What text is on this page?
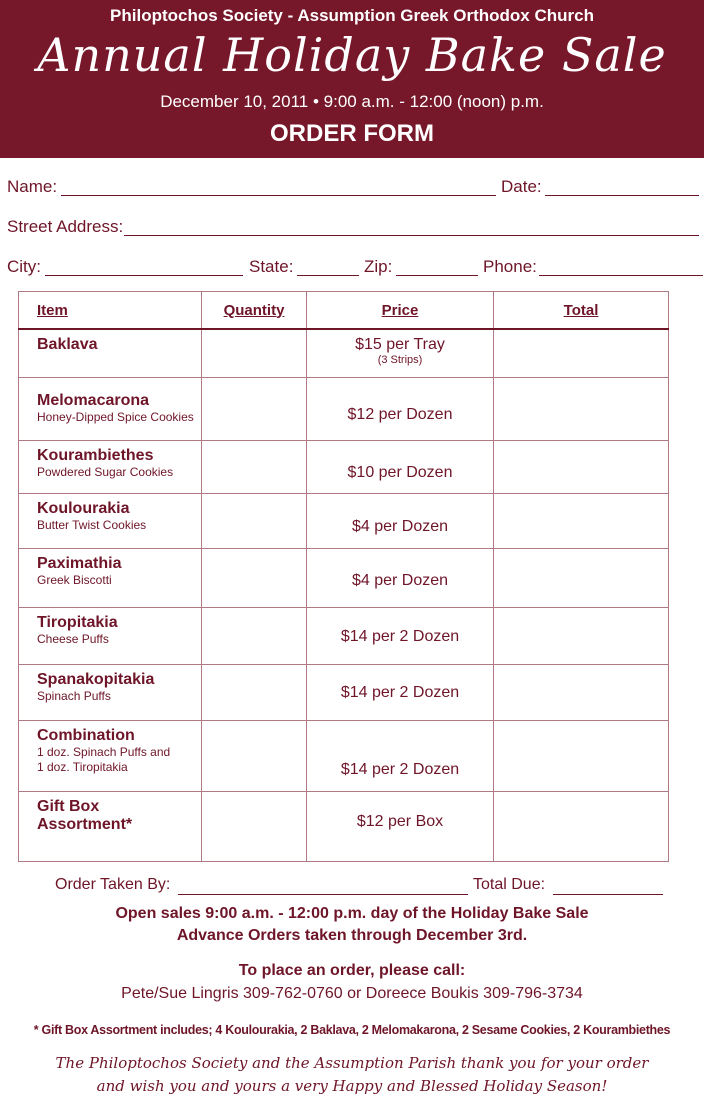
Philoptochos Society - Assumption Greek Orthodox Church
Annual Holiday Bake Sale
December 10, 2011 • 9:00 a.m. - 12:00 (noon) p.m.
ORDER FORM
Name:	Date:
Street Address:
City:	State:	Zip:	Phone:
Item	Quantity	Price	Total

Baklava		$15 per Tray
(3 Strips)	

Melomacarona
Honey-Dipped Spice Cookies		$12 per Dozen	

Kourambiethes
Powdered Sugar Cookies		$10 per Dozen	

Koulourakia
Butter Twist Cookies		$4 per Dozen	

Paximathia
Greek Biscotti		$4 per Dozen	

Tiropitakia
Cheese Puffs		$14 per 2 Dozen	

Spanakopitakia
Spinach Puffs		$14 per 2 Dozen	

Combination
1 doz. Spinach Puffs and
1 doz. Tiropitakia		$14 per 2 Dozen	

Gift Box
Assortment*		$12 per Box	

Order Taken By:	Total Due:
Open sales 9:00 a.m. - 12:00 p.m. day of the Holiday Bake Sale
Advance Orders taken through December 3rd.
To place an order, please call:
Pete/Sue Lingris 309-762-0760 or Doreece Boukis 309-796-3734
* Gift Box Assortment includes; 4 Koulourakia, 2 Baklava, 2 Melomakarona, 2 Sesame Cookies, 2 Kourambiethes
The Philoptochos Society and the Assumption Parish thank you for your order
and wish you and yours a very Happy and Blessed Holiday Season!
